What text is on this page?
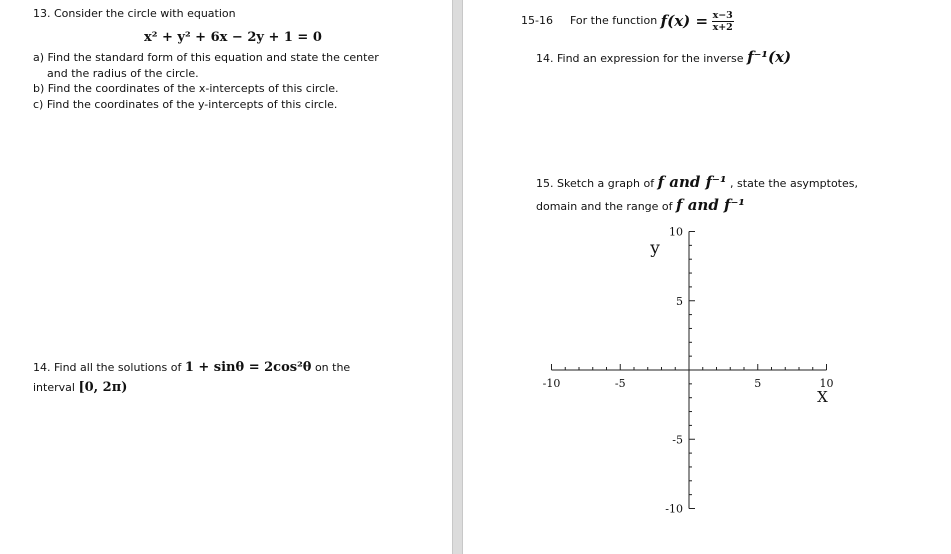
13. Consider the circle with equation
x² + y² + 6x − 2y + 1 = 0
a) Find the standard form of this equation and state the center
and the radius of the circle.
b) Find the coordinates of the x-intercepts of this circle.
c) Find the coordinates of the y-intercepts of this circle.
14. Find all the solutions of 1 + sinθ = 2cos²θ on the
interval [0, 2π)
15-16 For the function $f(x) = \frac{x-3}{x+2}$
14. Find an expression for the inverse f⁻¹(x)
15. Sketch a graph of f and f⁻¹ , state the asymptotes,
domain and the range of f and f⁻¹
-10	-5	5	10
10
5
-5
-10
X
y
